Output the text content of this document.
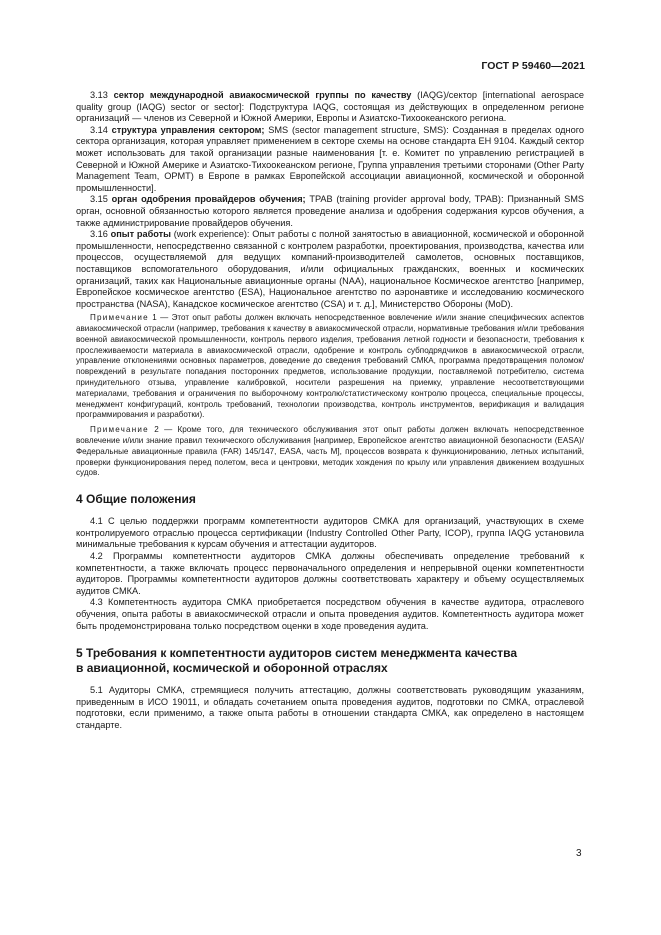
ГОСТ Р 59460—2021

3.13 сектор международной авиакосмической группы по качеству (IAQG)/сектор [international aerospace quality group (IAQG) sector or sector]: Подструктура IAQG, состоящая из действующих в определенном регионе организаций — членов из Северной и Южной Америки, Европы и Азиатско-Тихоокеанского региона.

3.14 структура управления сектором; SMS (sector management structure, SMS): Созданная в пределах одного сектора организация, которая управляет применением в секторе схемы на основе стандарта ЕН 9104. Каждый сектор может использовать для такой организации разные наименования [т. е. Комитет по управлению регистрацией в Северной и Южной Америке и Азиатско-Тихоокеанском регионе, Группа управления третьими сторонами (Other Party Management Team, OPMT) в Европе в рамках Европейской ассоциации авиационной, космической и оборонной промышленности].

3.15 орган одобрения провайдеров обучения; TPAB (training provider approval body, TPAB): Признанный SMS орган, основной обязанностью которого является проведение анализа и одобрения содержания курсов обучения, а также администрирование провайдеров обучения.

3.16 опыт работы (work experience): Опыт работы с полной занятостью в авиационной, космической и оборонной промышленности, непосредственно связанной с контролем разработки, проектирования, производства, качества или процессов, осуществляемой для ведущих компаний-производителей самолетов, основных поставщиков, поставщиков вспомогательного оборудования, и/или официальных гражданских, военных и космических организаций, таких как Национальные авиационные органы (NAA), национальное Космическое агентство [например, Европейское космическое агентство (ESA), Национальное агентство по аэронавтике и исследованию космического пространства (NASA), Канадское космическое агентство (CSA) и т. д.], Министерство Обороны (MoD).

Примечание 1 — Этот опыт работы должен включать непосредственное вовлечение и/или знание специфических аспектов авиакосмической отрасли (например, требования к качеству в авиакосмической отрасли, нормативные требования и/или требования военной авиакосмической промышленности, контроль первого изделия, требования летной годности и безопасности, требования к прослеживаемости материала в авиакосмической отрасли, одобрение и контроль субподрядчиков в авиакосмической отрасли, управление отклонениями основных параметров, доведение до сведения требований СМКА, программа предотвращения поломок/повреждений в результате попадания посторонних предметов, использование продукции, поставляемой потребителю, система принудительного отзыва, управление калибровкой, носители разрешения на приемку, управление несоответствующими материалами, требования и ограничения по выборочному контролю/статистическому контролю процесса, специальные процессы, менеджмент конфигураций, контроль требований, технологии производства, контроль инструментов, верификация и валидация программирования и разработки).

Примечание 2 — Кроме того, для технического обслуживания этот опыт работы должен включать непосредственное вовлечение и/или знание правил технического обслуживания [например, Европейское агентство авиационной безопасности (EASA)/Федеральные авиационные правила (FAR) 145/147, EASA, часть M], процессов возврата к функционированию, летных испытаний, проверки функционирования перед полетом, веса и центровки, методик хождения по крылу или управления движением воздушных судов.

4 Общие положения

4.1 С целью поддержки программ компетентности аудиторов СМКА для организаций, участвующих в схеме контролируемого отраслью процесса сертификации (Industry Controlled Other Party, ICOP), группа IAQG установила минимальные требования к курсам обучения и аттестации аудиторов.

4.2 Программы компетентности аудиторов СМКА должны обеспечивать определение требований к компетентности, а также включать процесс первоначального определения и непрерывной оценки компетентности аудиторов. Программы компетентности аудиторов должны соответствовать характеру и объему осуществляемых аудитов СМКА.

4.3 Компетентность аудитора СМКА приобретается посредством обучения в качестве аудитора, отраслевого обучения, опыта работы в авиакосмической отрасли и опыта проведения аудитов. Компетентность аудитора может быть продемонстрирована только посредством оценки в ходе проведения аудита.

5 Требования к компетентности аудиторов систем менеджмента качества
в авиационной, космической и оборонной отраслях

5.1 Аудиторы СМКА, стремящиеся получить аттестацию, должны соответствовать руководящим указаниям, приведенным в ИСО 19011, и обладать сочетанием опыта проведения аудитов, подготовки по СМКА, отраслевой подготовки, если применимо, а также опыта работы в отношении стандарта СМКА, как определено в настоящем стандарте.

3
